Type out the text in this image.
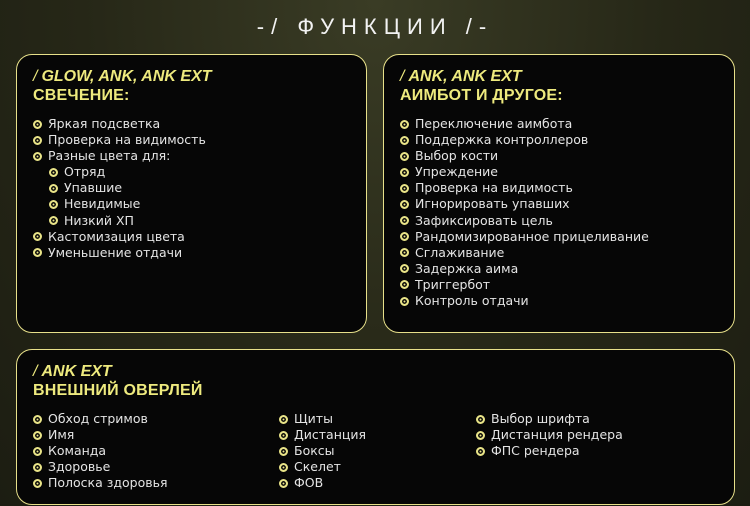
-/ ФУНКЦИИ /-
/ GLOW, ANK, ANK EXT
СВЕЧЕНИЕ:
Яркая подсветка
Проверка на видимость
Разные цвета для:
Отряд
Упавшие
Невидимые
Низкий ХП
Кастомизация цвета
Уменьшение отдачи
/ ANK, ANK EXT
АИМБОТ И ДРУГОЕ:
Переключение аимбота
Поддержка контроллеров
Выбор кости
Упреждение
Проверка на видимость
Игнорировать упавших
Зафиксировать цель
Рандомизированное прицеливание
Сглаживание
Задержка аима
Триггербот
Контроль отдачи
/ ANK EXT
ВНЕШНИЙ ОВЕРЛЕЙ
Обход стримов
Имя
Команда
Здоровье
Полоска здоровья
Щиты
Дистанция
Боксы
Скелет
ФОВ
Выбор шрифта
Дистанция рендера
ФПС рендера
